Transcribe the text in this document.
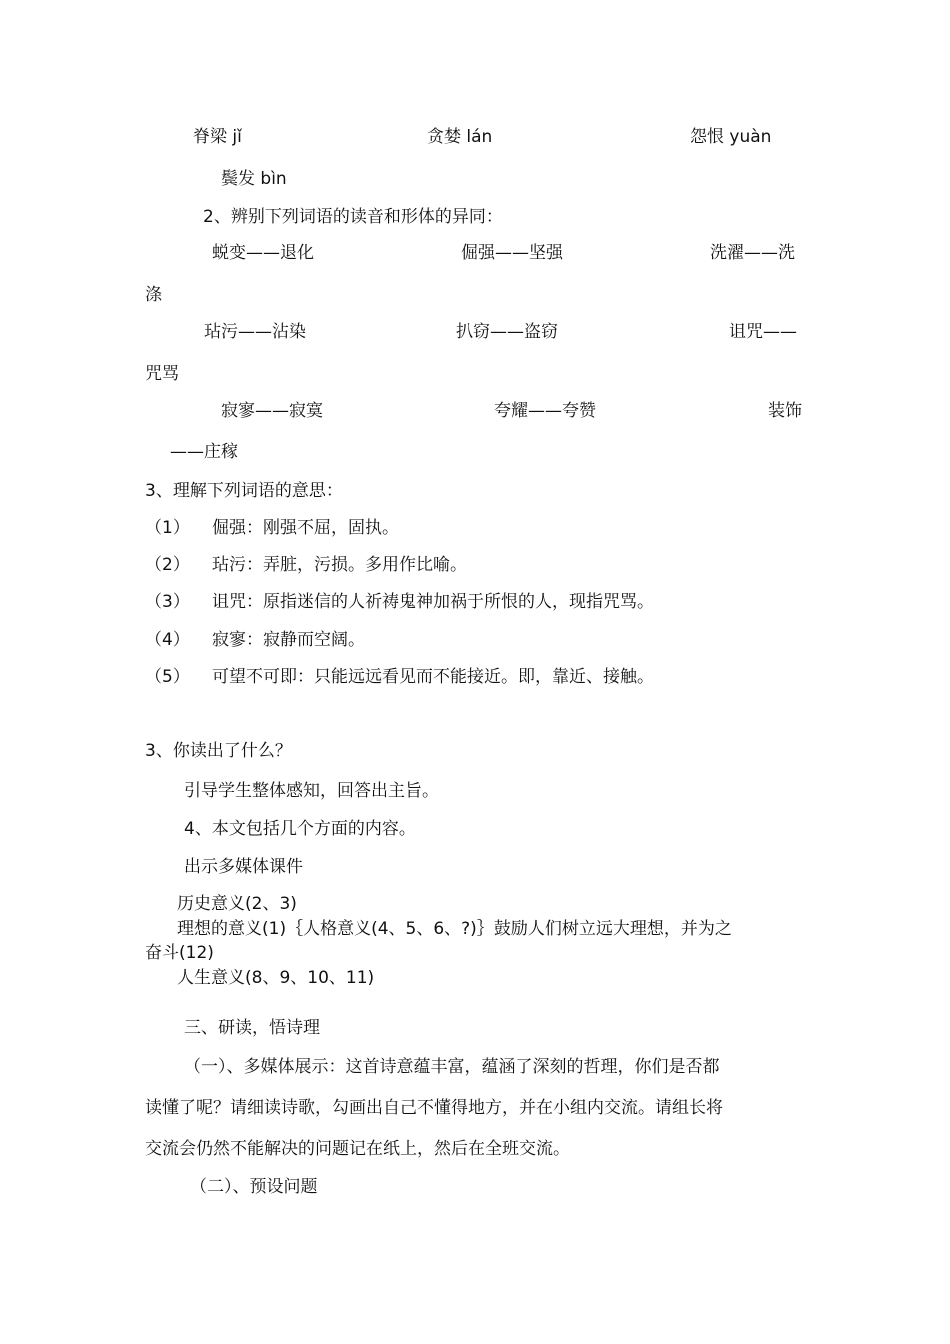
脊梁 jǐ	贪婪 lán	怨恨 yuàn
鬓发 bìn
2、辨别下列词语的读音和形体的异同：
蜕变——退化	倔强——坚强	洗濯——洗
涤
玷污——沾染	扒窃——盗窃	诅咒——
咒骂
寂寥——寂寞	夸耀——夸赞	装饰
——庄稼
3、理解下列词语的意思：
（1） 倔强：刚强不屈，固执。
（2） 玷污：弄脏，污损。多用作比喻。
（3） 诅咒：原指迷信的人祈祷鬼神加祸于所恨的人，现指咒骂。
（4） 寂寥：寂静而空阔。
（5） 可望不可即：只能远远看见而不能接近。即，靠近、接触。
3、你读出了什么？
引导学生整体感知，回答出主旨。
4、本文包括几个方面的内容。
出示多媒体课件
历史意义(2、3)
理想的意义(1)｛人格意义(4、5、6、?)｝鼓励人们树立远大理想，并为之
奋斗(12)
人生意义(8、9、10、11)
三、研读，悟诗理
（一）、多媒体展示：这首诗意蕴丰富，蕴涵了深刻的哲理，你们是否都
读懂了呢？请细读诗歌，勾画出自己不懂得地方，并在小组内交流。请组长将
交流会仍然不能解决的问题记在纸上，然后在全班交流。
（二）、预设问题
